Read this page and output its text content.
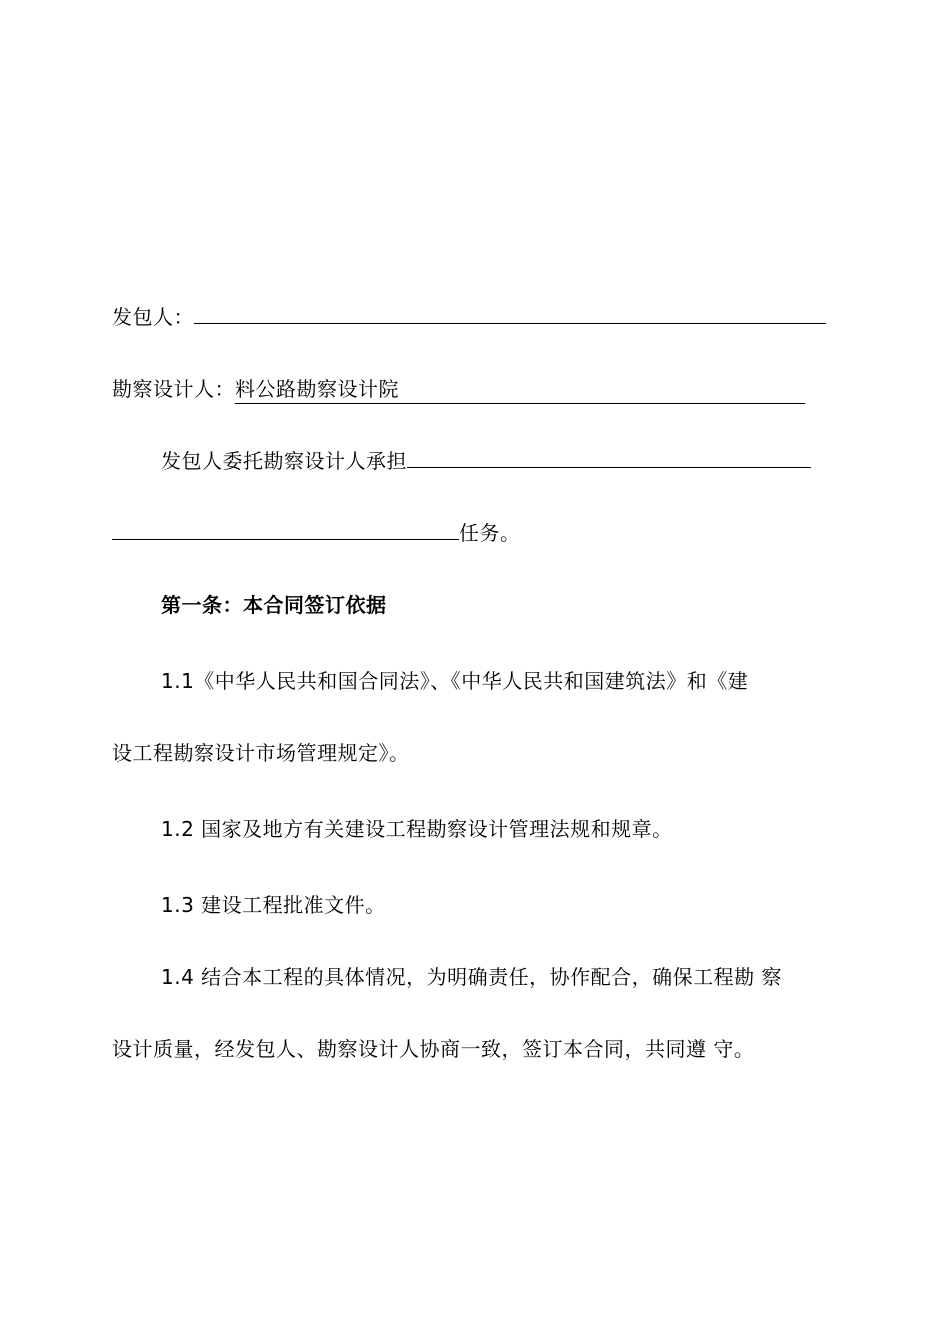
发包人：
勘察设计人：料公路勘察设计院
发包人委托勘察设计人承担
任务。
第一条：本合同签订依据
1.1《中华人民共和国合同法》、《中华人民共和国建筑法》和《建
设工程勘察设计市场管理规定》。
1.2 国家及地方有关建设工程勘察设计管理法规和规章。
1.3 建设工程批准文件。
1.4 结合本工程的具体情况，为明确责任，协作配合，确保工程勘 察
设计质量，经发包人、勘察设计人协商一致，签订本合同，共同遵 守。
